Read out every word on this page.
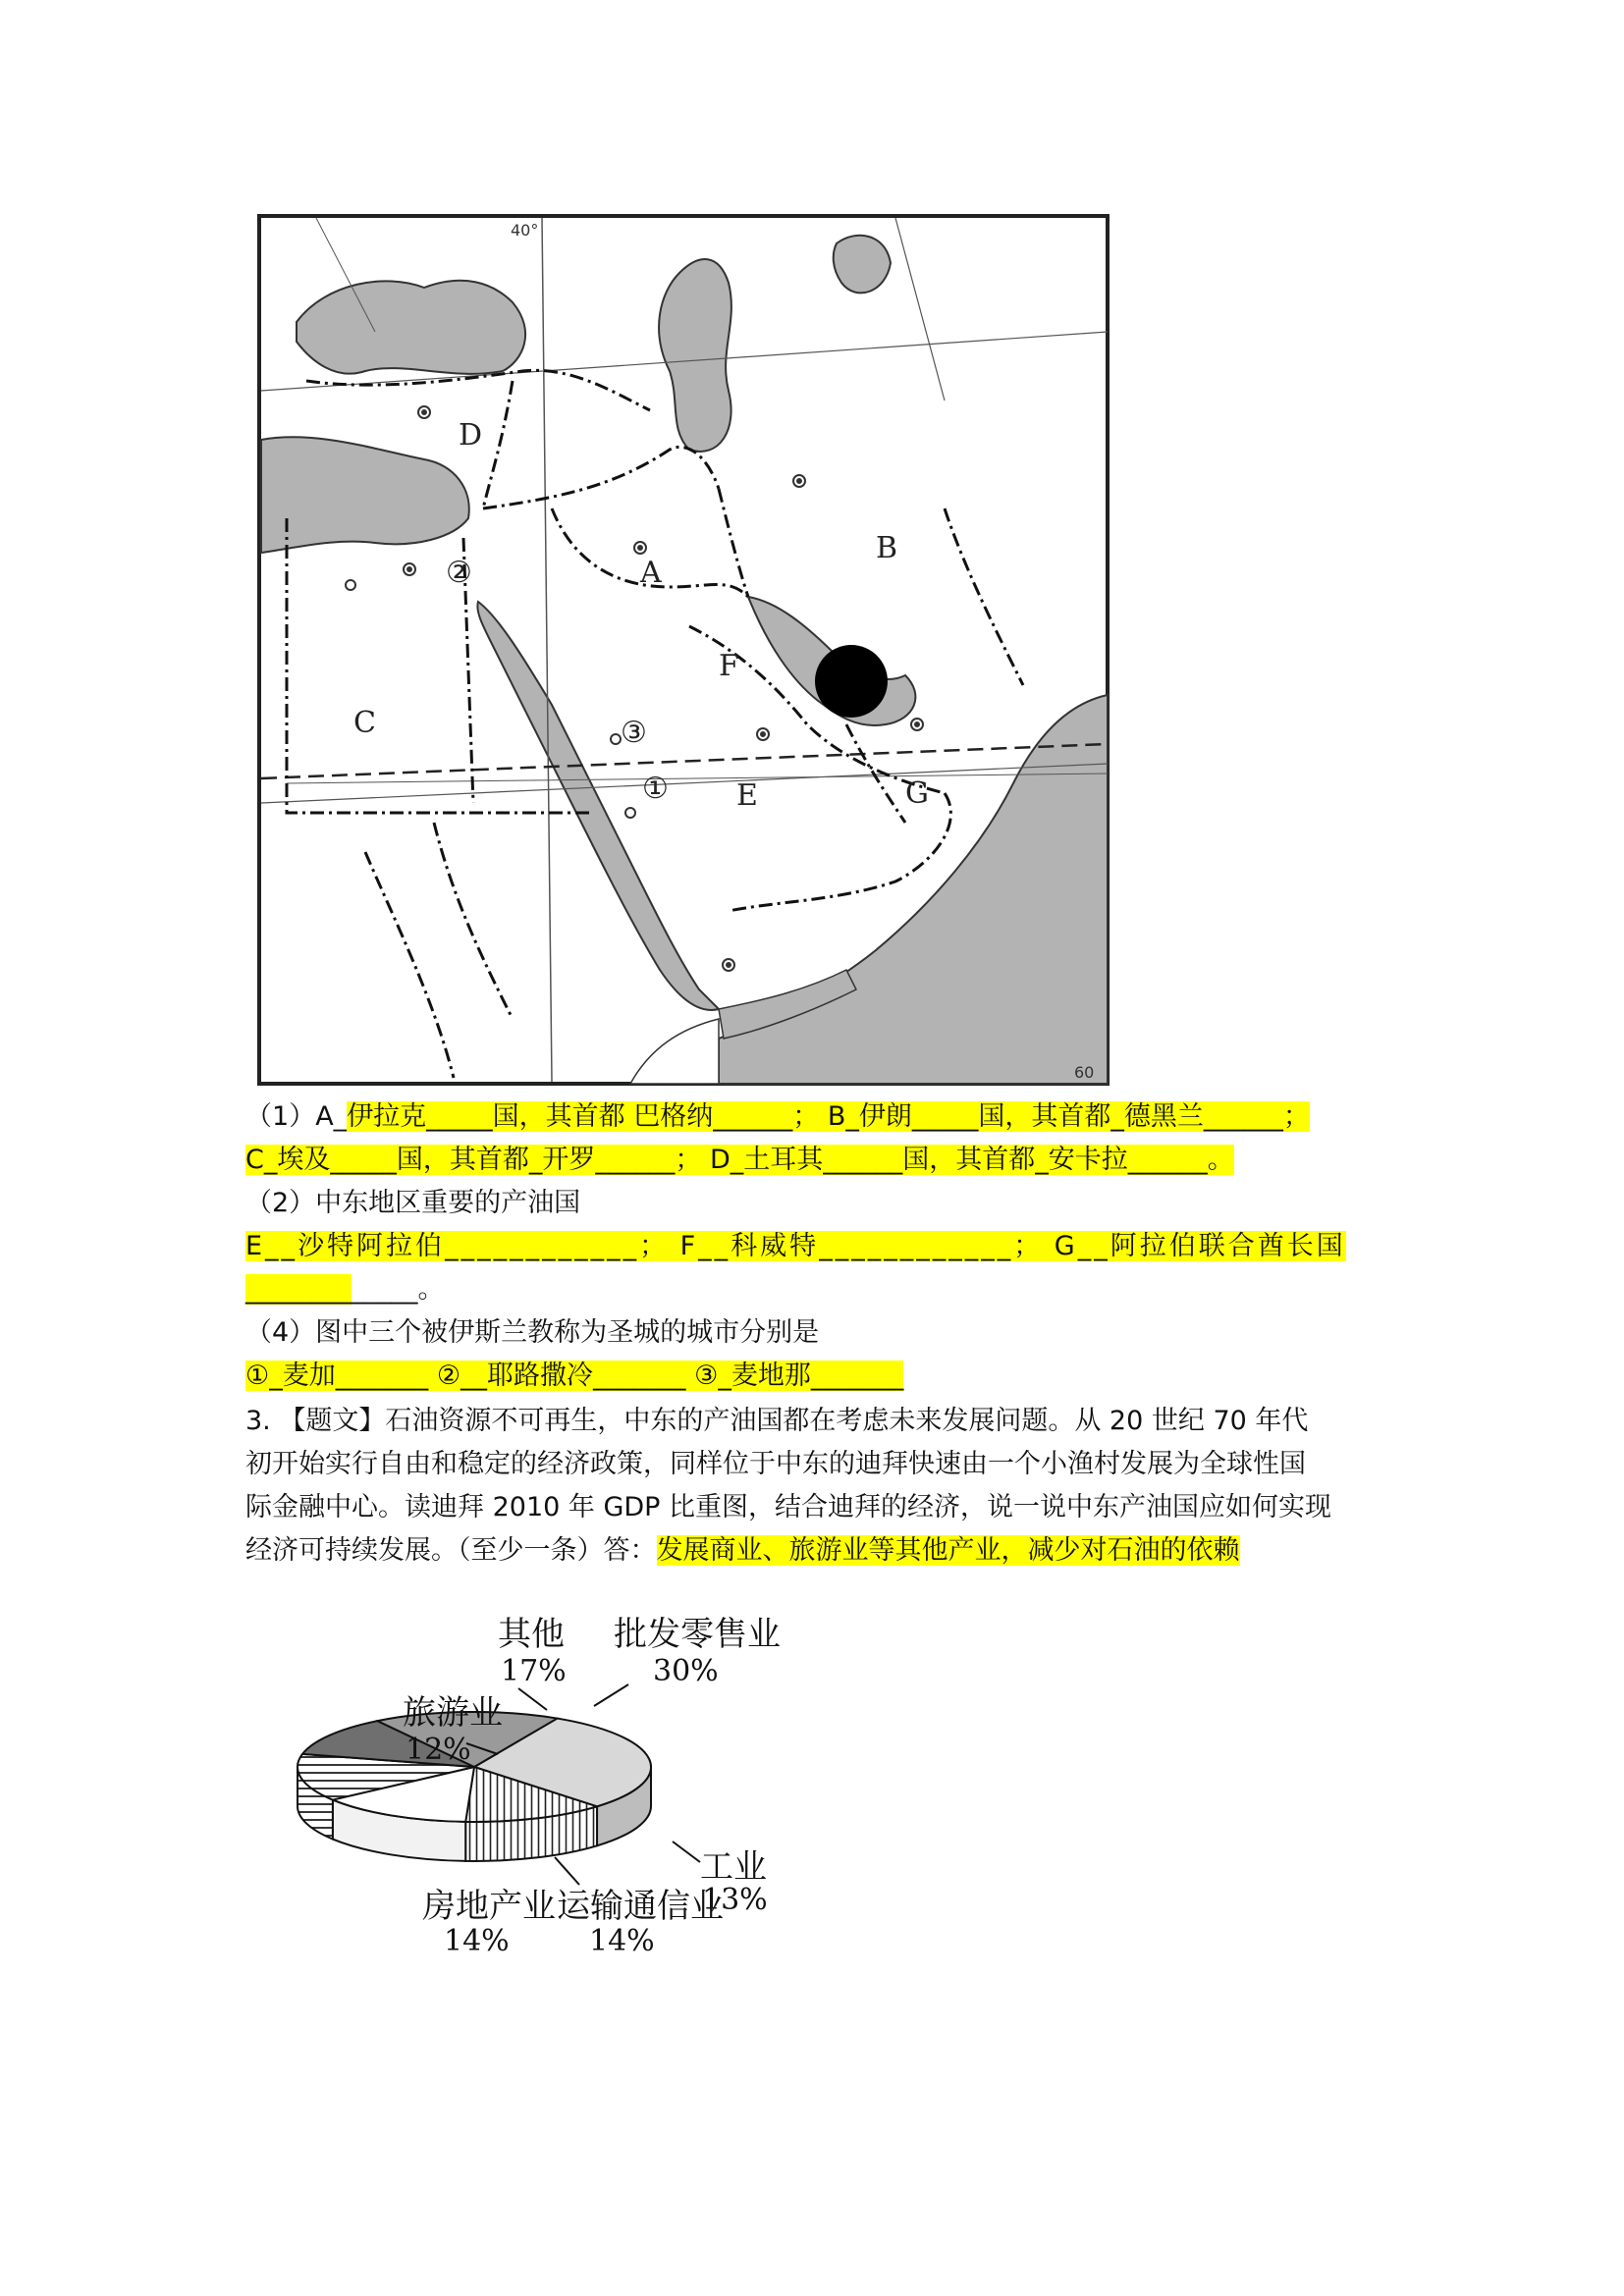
D
B
A
F
C
E	G
②
③
①
40°
60
（1）A_伊拉克_____国，其首都 巴格纳______； B_伊朗_____国，其首都_德黑兰______；
C_埃及_____国，其首都_开罗______； D_土耳其______国，其首都_安卡拉______。
（2）中东地区重要的产油国
E__沙特阿拉伯____________； F__科威特____________； G__阿拉伯联合酋长国
_____________。
（4）图中三个被伊斯兰教称为圣城的城市分别是
①_麦加_______ ②__耶路撒冷_______ ③_麦地那_______

3. 【题文】石油资源不可再生，中东的产油国都在考虑未来发展问题。从 20 世纪 70 年代

初开始实行自由和稳定的经济政策，同样位于中东的迪拜快速由一个小渔村发展为全球性国

际金融中心。读迪拜 2010 年 GDP 比重图，结合迪拜的经济，说一说中东产油国应如何实现

经济可持续发展。（至少一条）答：发展商业、旅游业等其他产业，减少对石油的依赖

批发零售业
30%
工业
13%
运输通信业
14%
房地产业
14%
旅游业
12%
其他
17%
